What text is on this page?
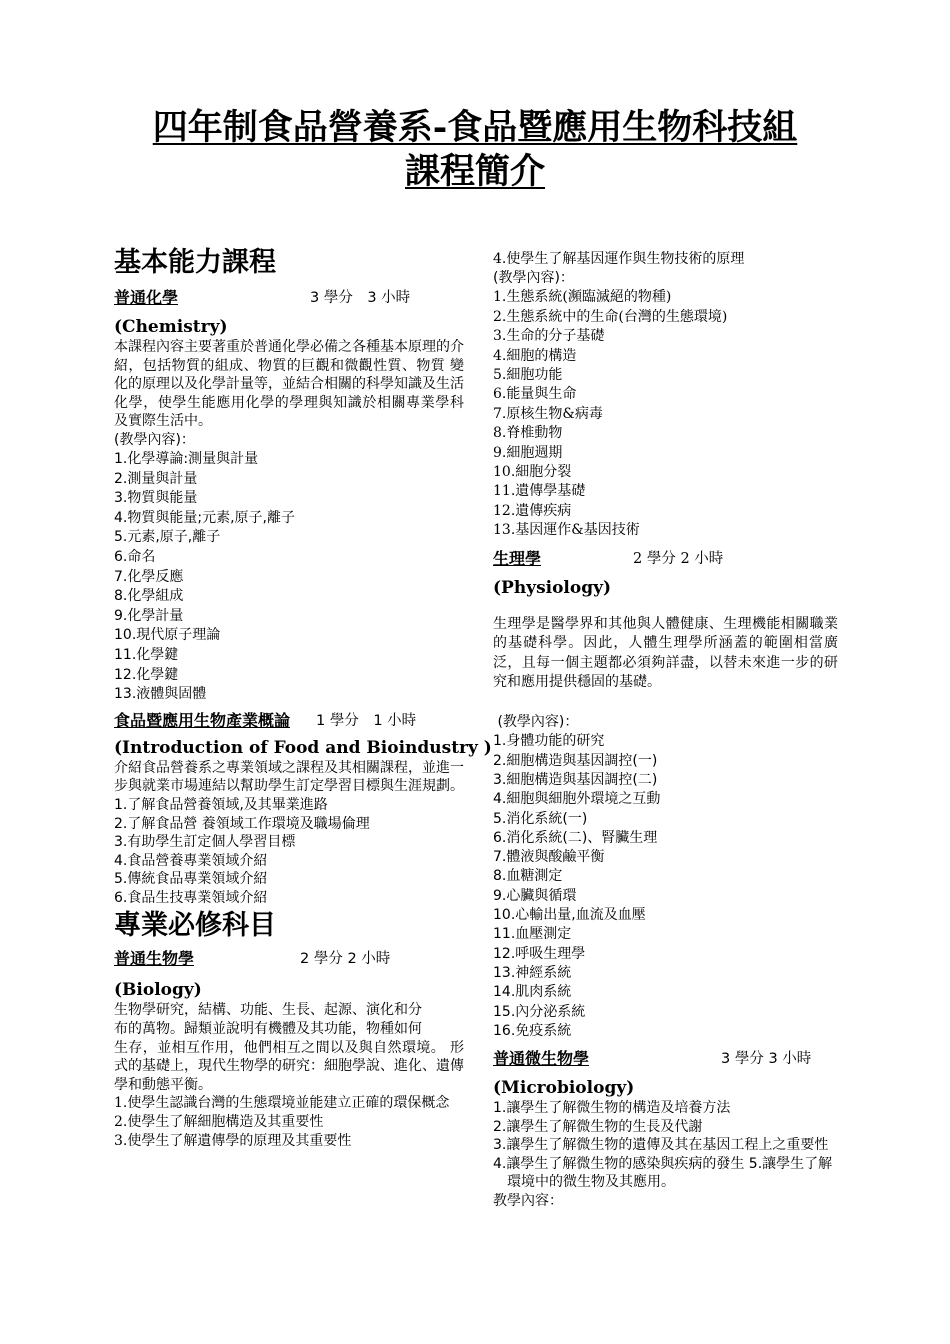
四年制食品營養系-食品暨應用生物科技組
課程簡介
基本能力課程
普通化學	3 學分　3 小時
(Chemistry)
本課程內容主要著重於普通化學必備之各種基本原理的介紹，包括物質的組成、物質的巨觀和微觀性質、物質 變化的原理以及化學計量等，並結合相關的科學知識及生活化學，使學生能應用化學的學理與知識於相關專業學科 及實際生活中。
(教學內容)：
1.化學導論:測量與計量
2.測量與計量
3.物質與能量
4.物質與能量;元素,原子,離子
5.元素,原子,離子
6.命名
7.化學反應
8.化學組成
9.化學計量
10.現代原子理論
11.化學鍵
12.化學鍵
13.液體與固體
食品暨應用生物產業概論 1 學分　1 小時
(Introduction of Food and Bioindustry )
介紹食品營養系之專業領域之課程及其相關課程，並進一步與就業市場連結以幫助學生訂定學習目標與生涯規劃。
1.了解食品營養領域,及其畢業進路
2.了解食品營 養領域工作環境及職場倫理
3.有助學生訂定個人學習目標
4.食品營養專業領域介紹
5.傳統食品專業領域介紹
6.食品生技專業領域介紹
專業必修科目
普通生物學	2 學分 2 小時
(Biology)
生物學研究，結構、功能、生長、起源、演化和分
布的萬物。歸類並說明有機體及其功能，物種如何
生存，並相互作用，他們相互之間以及與自然環境。 形式的基礎上，現代生物學的研究：細胞學說、進化、遺傳學和動態平衡。
1.使學生認識台灣的生態環境並能建立正確的環保概念
2.使學生了解細胞構造及其重要性
3.使學生了解遺傳學的原理及其重要性
4.使學生了解基因運作與生物技術的原理
(教學內容)：
1.生態系統(瀕臨滅絕的物種)
2.生態系統中的生命(台灣的生態環境)
3.生命的分子基礎
4.細胞的構造
5.細胞功能
6.能量與生命
7.原核生物&病毒
8.脊椎動物
9.細胞週期
10.細胞分裂
11.遺傳學基礎
12.遺傳疾病
13.基因運作&基因技術
生理學	2 學分 2 小時
(Physiology)
生理學是醫學界和其他與人體健康、生理機能相關職業的基礎科學。因此，人體生理學所涵蓋的範圍相當廣泛，且每一個主題都必須夠詳盡，以替未來進一步的研究和應用提供穩固的基礎。
(教學內容)：
1.身體功能的研究
2.細胞構造與基因調控(一)
3.細胞構造與基因調控(二)
4.細胞與細胞外環境之互動
5.消化系統(一)
6.消化系統(二)、腎臟生理
7.體液與酸鹼平衡
8.血糖測定
9.心臟與循環
10.心輸出量,血流及血壓
11.血壓測定
12.呼吸生理學
13.神經系統
14.肌肉系統
15.內分泌系統
16.免疫系統
普通微生物學	3 學分 3 小時
(Microbiology)
1.讓學生了解微生物的構造及培養方法
2.讓學生了解微生物的生長及代謝
3.讓學生了解微生物的遺傳及其在基因工程上之重要性
4.讓學生了解微生物的感染與疾病的發生 5.讓學生了解環境中的微生物及其應用。
教學內容：
